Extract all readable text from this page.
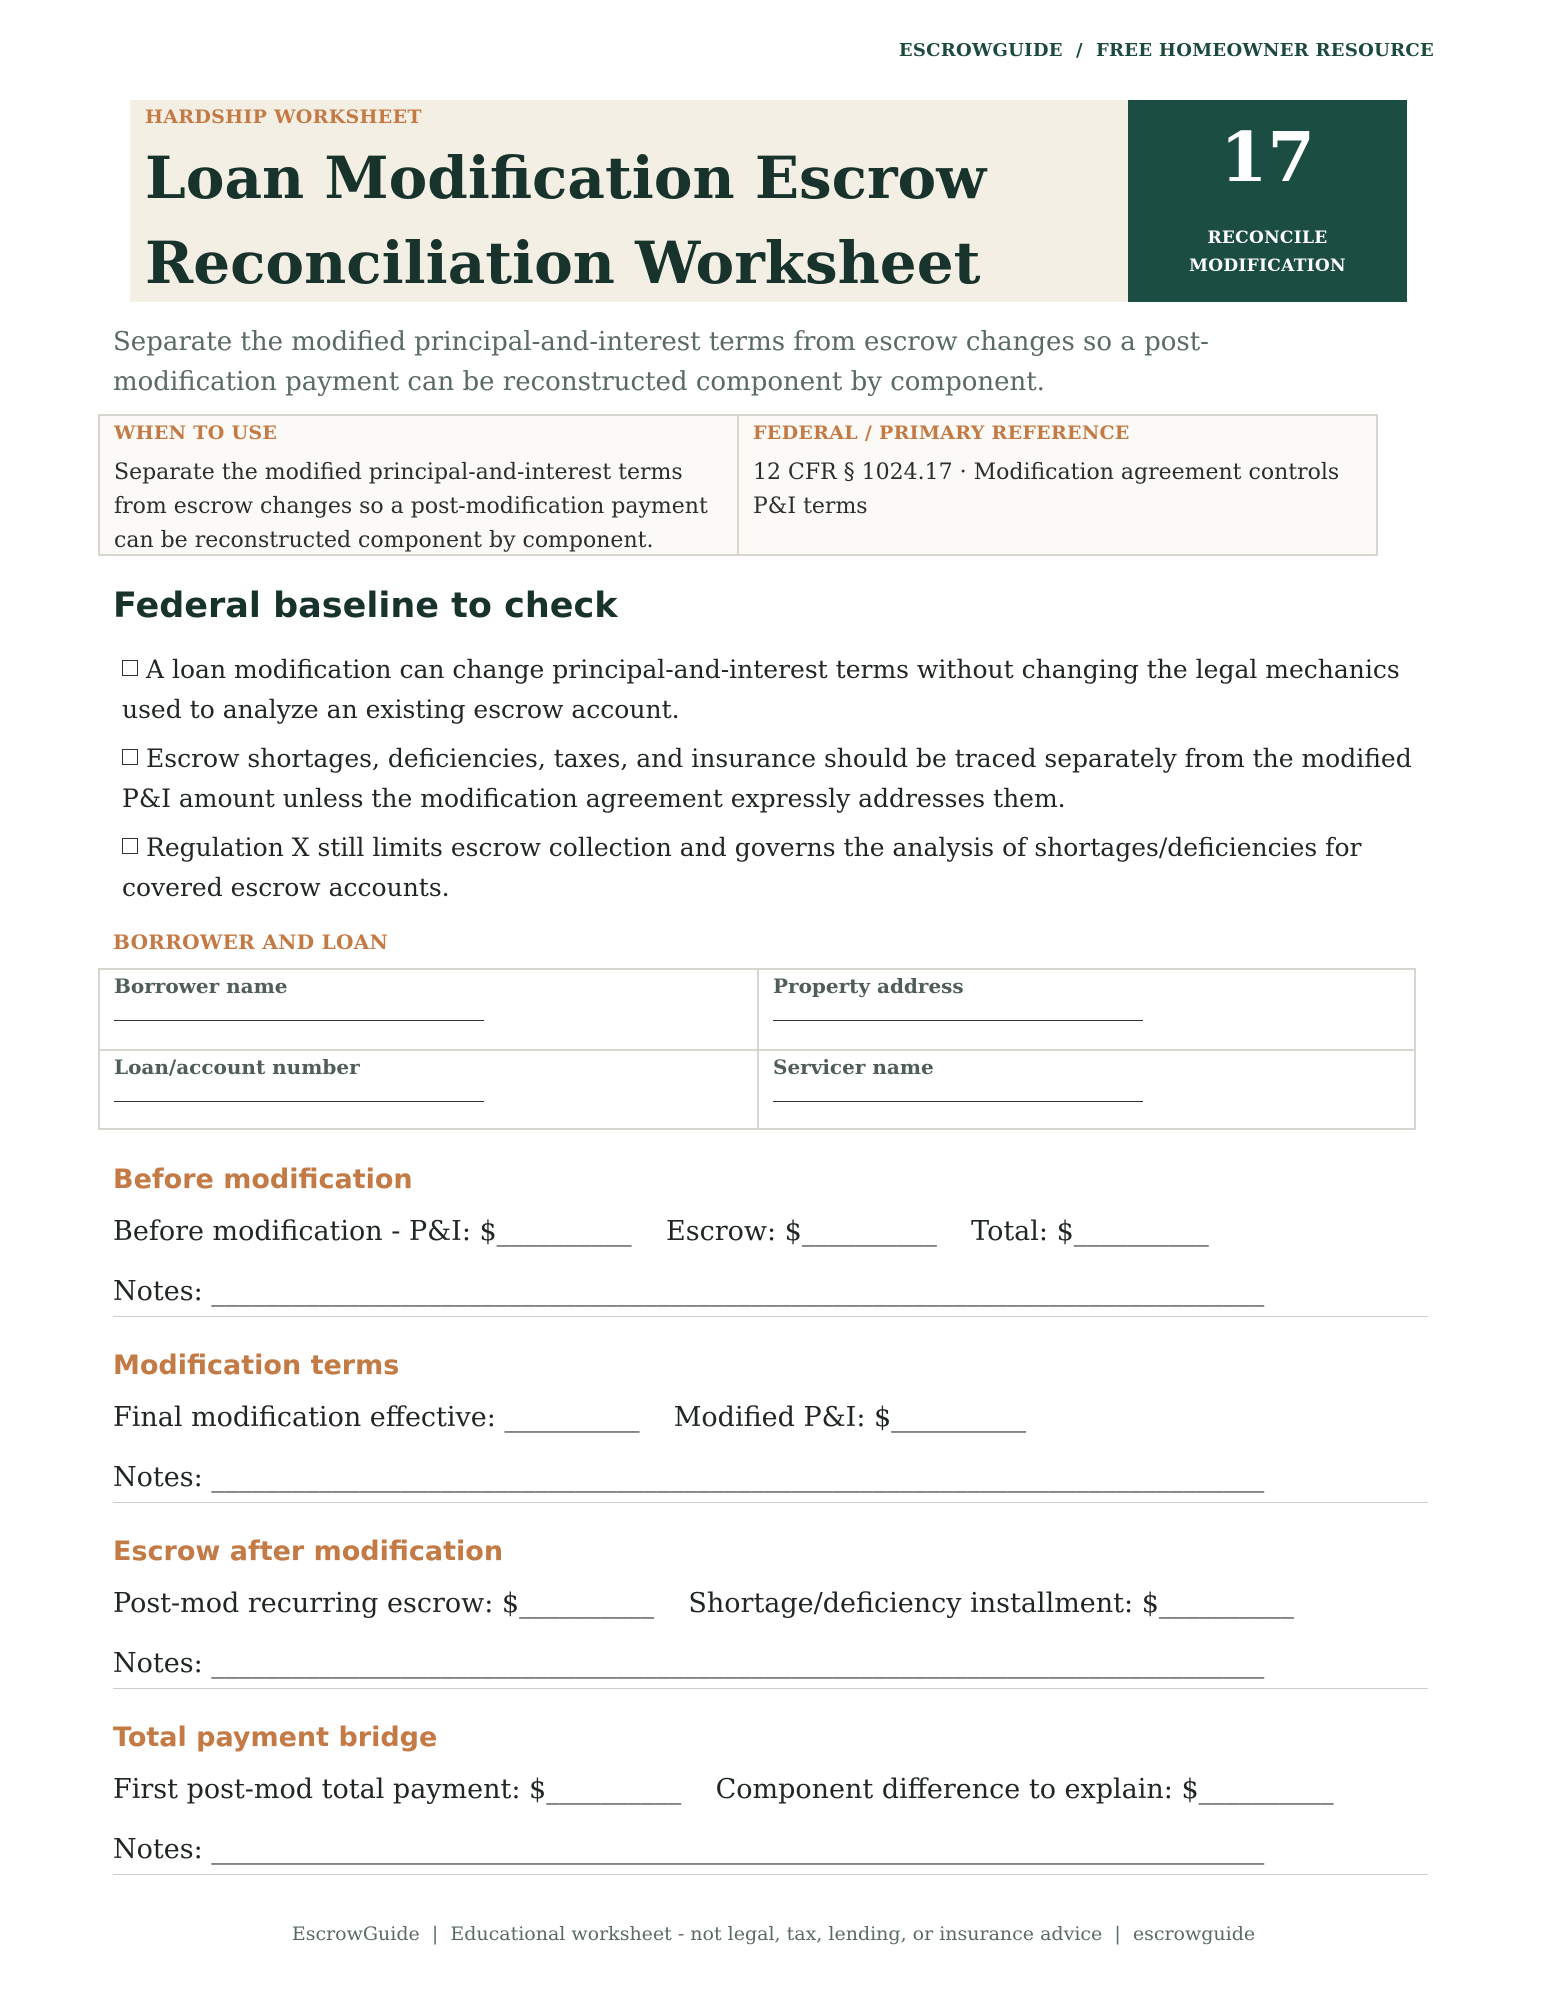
ESCROWGUIDE  /  FREE HOMEOWNER RESOURCE
HARDSHIP WORKSHEET
Loan Modification Escrow Reconciliation Worksheet
17
RECONCILE
MODIFICATION
Separate the modified principal-and-interest terms from escrow changes so a post-modification payment can be reconstructed component by component.
WHEN TO USE
Separate the modified principal-and-interest terms from escrow changes so a post-modification payment can be reconstructed component by component.
FEDERAL / PRIMARY REFERENCE
12 CFR § 1024.17 · Modification agreement controls P&I terms
Federal baseline to check
A loan modification can change principal-and-interest terms without changing the legal mechanics used to analyze an existing escrow account.
Escrow shortages, deficiencies, taxes, and insurance should be traced separately from the modified P&I amount unless the modification agreement expressly addresses them.
Regulation X still limits escrow collection and governs the analysis of shortages/deficiencies for covered escrow accounts.
BORROWER AND LOAN
Borrower name	Property address
Loan/account number	Servicer name
Before modification
Before modification - P&I: $__________    Escrow: $__________    Total: $__________
Notes: ______________________________________________________________________________
Modification terms
Final modification effective: __________    Modified P&I: $__________
Notes: ______________________________________________________________________________
Escrow after modification
Post-mod recurring escrow: $__________    Shortage/deficiency installment: $__________
Notes: ______________________________________________________________________________
Total payment bridge
First post-mod total payment: $__________    Component difference to explain: $__________
Notes: ______________________________________________________________________________
EscrowGuide  |  Educational worksheet - not legal, tax, lending, or insurance advice  |  escrowguide
